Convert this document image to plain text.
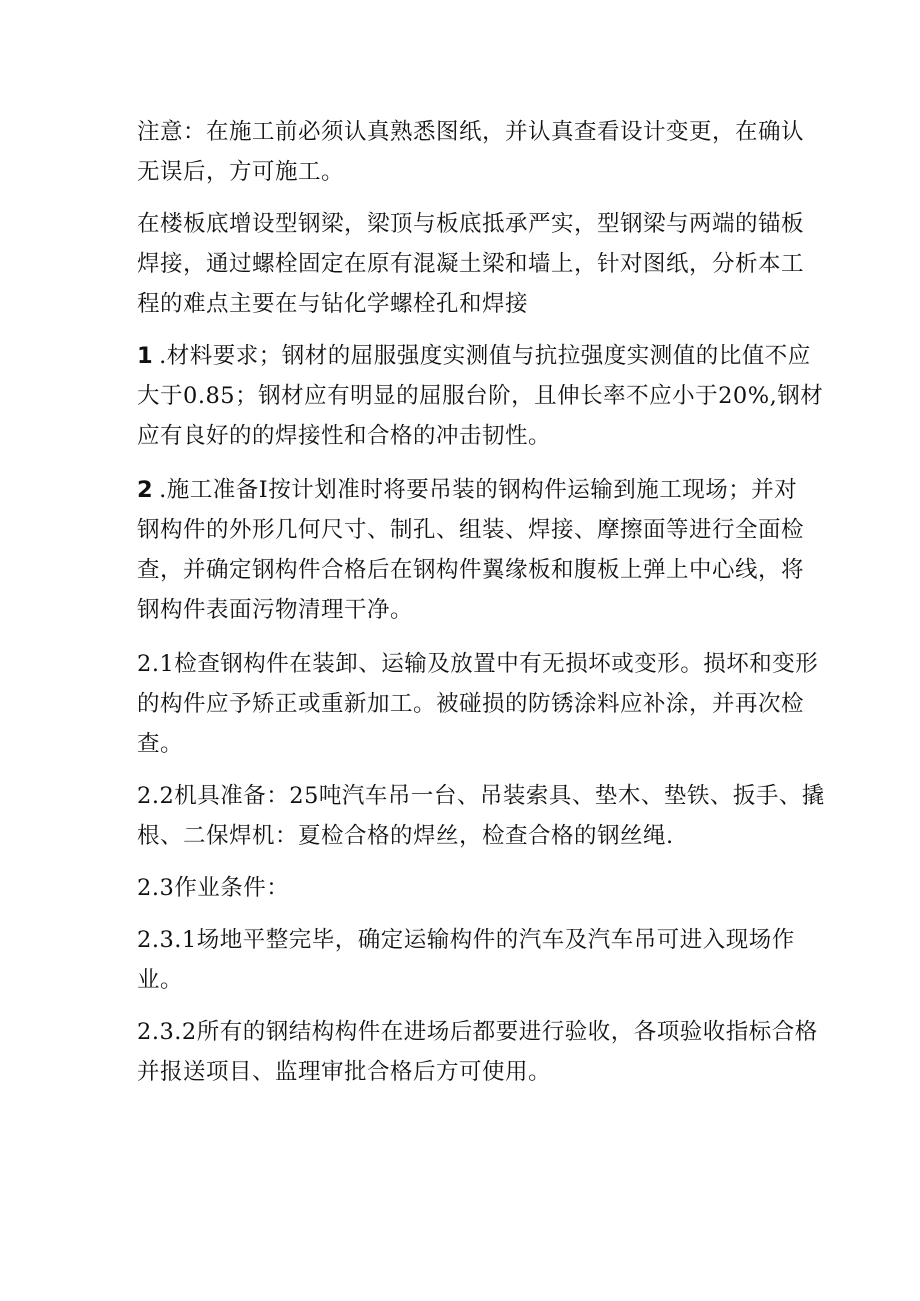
注意：在施工前必须认真熟悉图纸，并认真查看设计变更，在确认
无误后，方可施工。
在楼板底增设型钢梁，梁顶与板底抵承严实，型钢梁与两端的锚板
焊接，通过螺栓固定在原有混凝土梁和墙上，针对图纸，分析本工
程的难点主要在与钻化学螺栓孔和焊接
1 .材料要求；钢材的屈服强度实测值与抗拉强度实测值的比值不应
大于0.85；钢材应有明显的屈服台阶，且伸长率不应小于20%,钢材
应有良好的的焊接性和合格的冲击韧性。
2 .施工准备I按计划准时将要吊装的钢构件运输到施工现场；并对
钢构件的外形几何尺寸、制孔、组装、焊接、摩擦面等进行全面检
查，并确定钢构件合格后在钢构件翼缘板和腹板上弹上中心线，将
钢构件表面污物清理干净。
2.1检查钢构件在装卸、运输及放置中有无损坏或变形。损坏和变形
的构件应予矫正或重新加工。被碰损的防锈涂料应补涂，并再次检
查。
2.2机具准备：25吨汽车吊一台、吊装索具、垫木、垫铁、扳手、撬
根、二保焊机：夏检合格的焊丝，检查合格的钢丝绳.
2.3作业条件：
2.3.1场地平整完毕，确定运输构件的汽车及汽车吊可进入现场作
业。
2.3.2所有的钢结构构件在进场后都要进行验收，各项验收指标合格
并报送项目、监理审批合格后方可使用。
